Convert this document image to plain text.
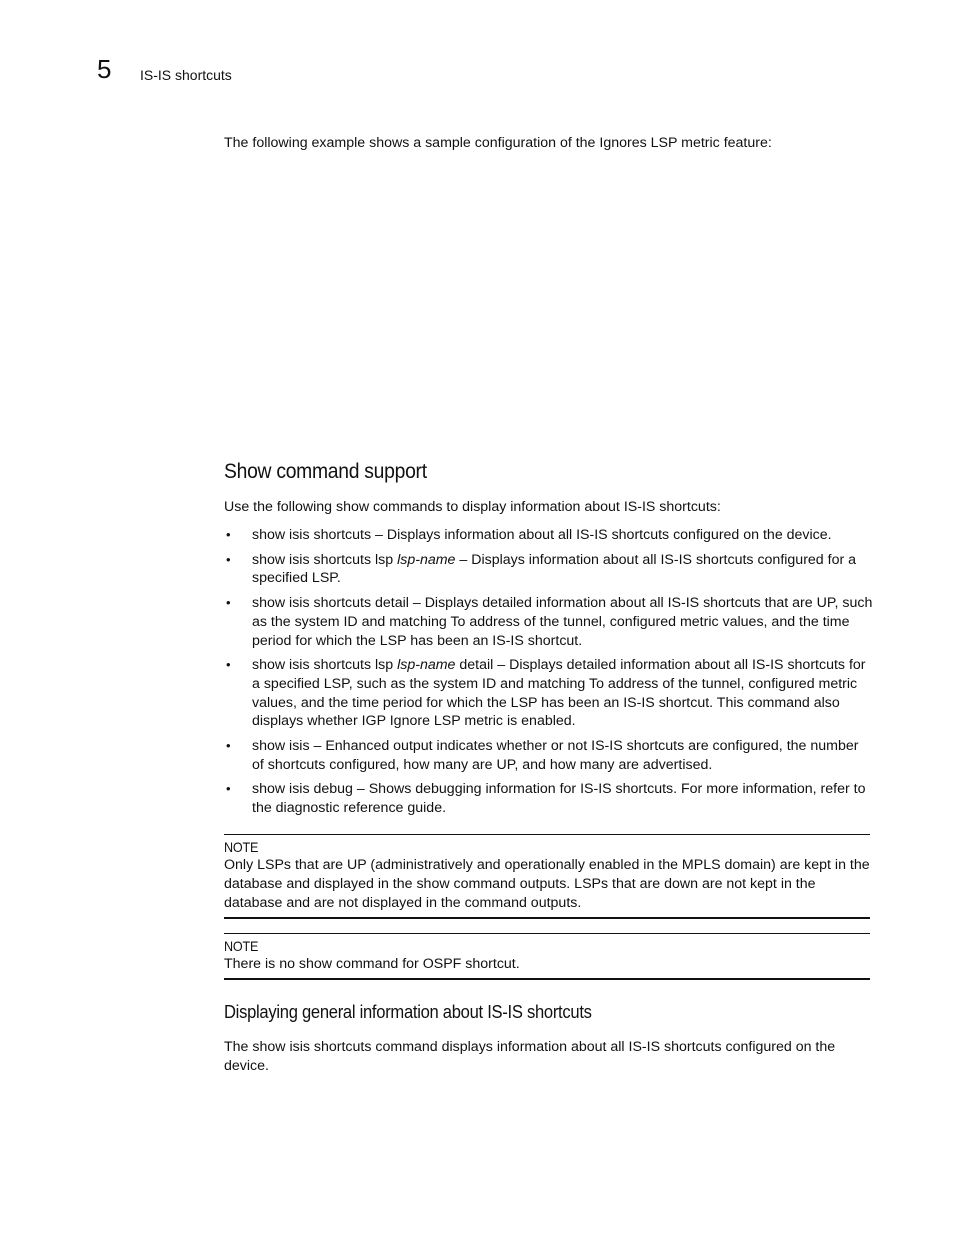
5 IS-IS shortcuts

The following example shows a sample configuration of the Ignores LSP metric feature:

Show command support

Use the following show commands to display information about IS-IS shortcuts:

• show isis shortcuts – Displays information about all IS-IS shortcuts configured on the device.
• show isis shortcuts lsp lsp-name – Displays information about all IS-IS shortcuts configured for a specified LSP.
• show isis shortcuts detail – Displays detailed information about all IS-IS shortcuts that are UP, such as the system ID and matching To address of the tunnel, configured metric values, and the time period for which the LSP has been an IS-IS shortcut.
• show isis shortcuts lsp lsp-name detail – Displays detailed information about all IS-IS shortcuts for a specified LSP, such as the system ID and matching To address of the tunnel, configured metric values, and the time period for which the LSP has been an IS-IS shortcut. This command also displays whether IGP Ignore LSP metric is enabled.
• show isis – Enhanced output indicates whether or not IS-IS shortcuts are configured, the number of shortcuts configured, how many are UP, and how many are advertised.
• show isis debug – Shows debugging information for IS-IS shortcuts. For more information, refer to the diagnostic reference guide.
NOTE
Only LSPs that are UP (administratively and operationally enabled in the MPLS domain) are kept in the database and displayed in the show command outputs. LSPs that are down are not kept in the database and are not displayed in the command outputs.
NOTE
There is no show command for OSPF shortcut.
Displaying general information about IS-IS shortcuts

The show isis shortcuts command displays information about all IS-IS shortcuts configured on the device.
